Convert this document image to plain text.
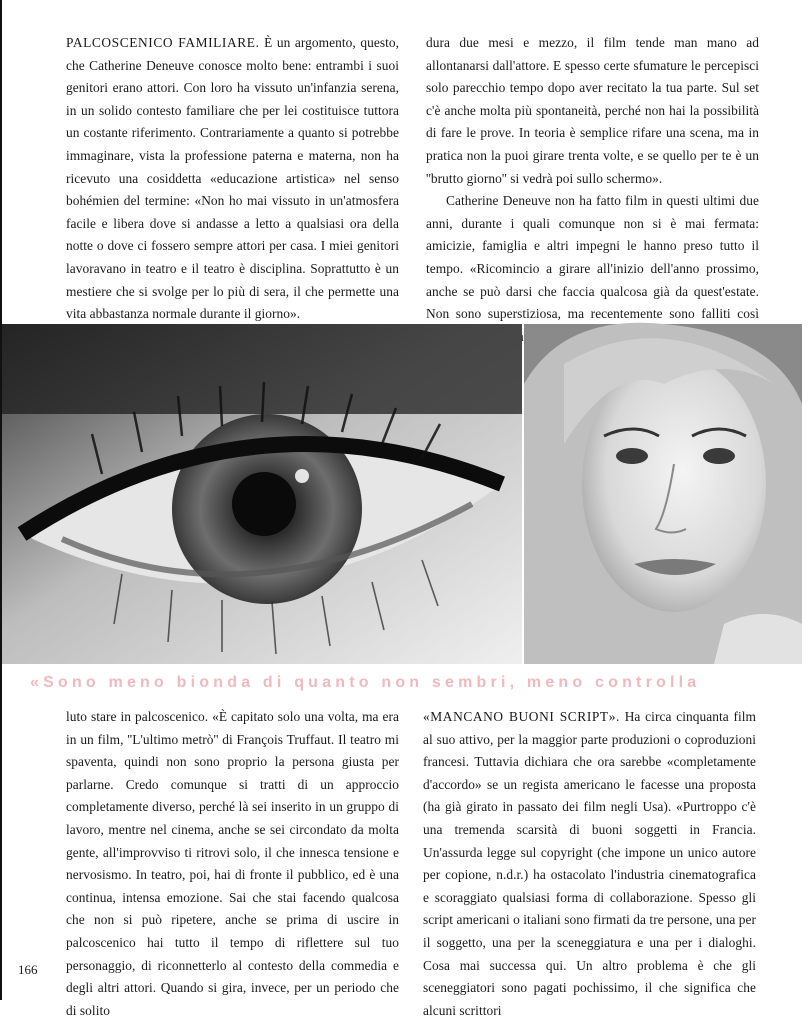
PALCOSCENICO FAMILIARE. È un argomento, questo, che Catherine Deneuve conosce molto bene: entrambi i suoi genitori erano attori. Con loro ha vissuto un'infanzia serena, in un solido contesto familiare che per lei costituisce tuttora un costante riferimento. Contrariamente a quanto si potrebbe immaginare, vista la professione paterna e materna, non ha ricevuto una cosiddetta «educazione artistica» nel senso bohémien del termine: «Non ho mai vissuto in un'atmosfera facile e libera dove si andasse a letto a qualsiasi ora della notte o dove ci fossero sempre attori per casa. I miei genitori lavoravano in teatro e il teatro è disciplina. Soprattutto è un mestiere che si svolge per lo più di sera, il che permette una vita abbastanza normale durante il giorno».

dura due mesi e mezzo, il film tende man mano ad allontanarsi dall'attore. E spesso certe sfumature le percepisci solo parecchio tempo dopo aver recitato la tua parte. Sul set c'è anche molta più spontaneità, perché non hai la possibilità di fare le prove. In teoria è semplice rifare una scena, ma in pratica non la puoi girare trenta volte, e se quello per te è un ''brutto giorno'' si vedrà poi sullo schermo».

Catherine Deneuve non ha fatto film in questi ultimi due anni, durante i quali comunque non si è mai fermata: amicizie, famiglia e altri impegni le hanno preso tutto il tempo. «Ricomincio a girare all'inizio dell'anno prossimo, anche se può darsi che faccia qualcosa già da quest'estate. Non sono superstiziosa, ma recentemente sono falliti così

«Sono meno bionda di quanto non sembri, meno controlla

luto stare in palcoscenico. «È capitato solo una volta, ma era in un film, ''L'ultimo metrò'' di François Truffaut. Il teatro mi spaventa, quindi non sono proprio la persona giusta per parlarne. Credo comunque si tratti di un approccio completamente diverso, perché là sei inserito in un gruppo di lavoro, mentre nel cinema, anche se sei circondato da molta gente, all'improvviso ti ritrovi solo, il che innesca tensione e nervosismo. In teatro, poi, hai di fronte il pubblico, ed è una continua, intensa emozione. Sai che stai facendo qualcosa che non si può ripetere, anche se prima di uscire in palcoscenico hai tutto il tempo di riflettere sul tuo personaggio, di riconnetterlo al contesto della commedia e degli altri attori. Quando si gira, invece, per un periodo che di solito

«MANCANO BUONI SCRIPT». Ha circa cinquanta film al suo attivo, per la maggior parte produzioni o coproduzioni francesi. Tuttavia dichiara che ora sarebbe «completamente d'accordo» se un regista americano le facesse una proposta (ha già girato in passato dei film negli Usa). «Purtroppo c'è una tremenda scarsità di buoni soggetti in Francia. Un'assurda legge sul copyright (che impone un unico autore per copione, n.d.r.) ha ostacolato l'industria cinematografica e scoraggiato qualsiasi forma di collaborazione. Spesso gli script americani o italiani sono firmati da tre persone, una per il soggetto, una per la sceneggiatura e una per i dialoghi. Cosa mai successa qui. Un altro problema è che gli sceneggiatori sono pagati pochissimo, il che significa che alcuni scrittori

166
